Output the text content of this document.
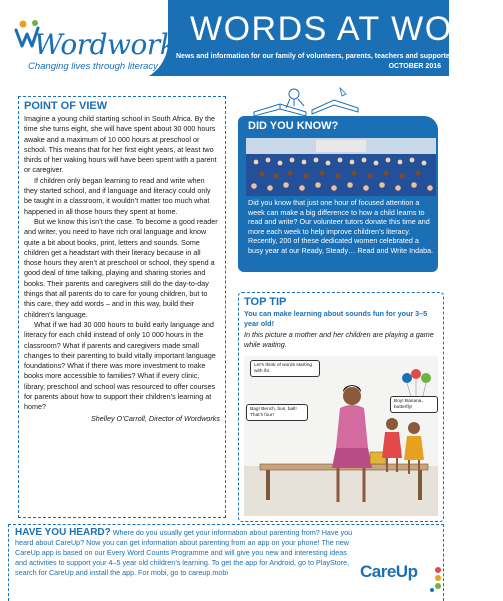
Wordworks
Changing lives through literacy
WORDS AT WORK
News and information for our family of volunteers, parents, teachers and supporters
OCTOBER 2016
POINT OF VIEW

Imagine a young child starting school in South Africa. By the time she turns eight, she will have spent about 30 000 hours awake and a maximum of 10 000 hours at preschool or school. This means that for her first eight years, at least two thirds of her waking hours will have been spent with a parent or caregiver.

If children only began learning to read and write when they started school, and if language and literacy could only be taught in a classroom, it wouldn’t matter too much what happened in all those hours they spent at home.

But we know this isn’t the case. To become a good reader and writer, you need to have rich oral language and know quite a bit about books, print, letters and sounds. Some children get a headstart with their literacy because in all those hours they aren’t at preschool or school, they spend a good deal of time talking, playing and sharing stories and books. Their parents and caregivers still do the day-to-day things that all parents do to care for young children, but to this care, they add words – and in this way, build their children’s language.

What if we had 30 000 hours to build early language and literacy for each child instead of only 10 000 hours in the classroom? What if parents and caregivers made small changes to their parenting to build vitally important language foundations? What if there was more investment to make books more accessible to families? What if every clinic, library, preschool and school was resourced to offer courses for parents about how to support their children’s learning at home?

Shelley O’Carroll, Director of Wordworks
DID YOU KNOW?
Did you know that just one hour of focused attention a week can make a big difference to how a child learns to read and write? Our volunteer tutors donate this time and more each week to help improve children’s literacy. Recently, 200 of these dedicated women celebrated a busy year at our Ready, Steady… Read and Write Indaba.
TOP TIP
You can make learning about sounds fun for your 3–5 year old!
In this picture a mother and her children are playing a game while waiting.
Let’s think of words starting with /b/.
Bag! Bench, bus, ball! That’s four!
Boy! Banana, butterfly!

HAVE YOU HEARD? Where do you usually get your information about parenting from? Have you heard about CareUp? Now you can get information about parenting from an app on your phone! The new CareUp app is based on our Every Word Counts Programme and will give you new and interesting ideas and activities to support your 4–5 year old children’s learning. To get the app for Android, go to PlayStore, search for CareUp and install the app. For mobi, go to careup.mobi	CareUp
